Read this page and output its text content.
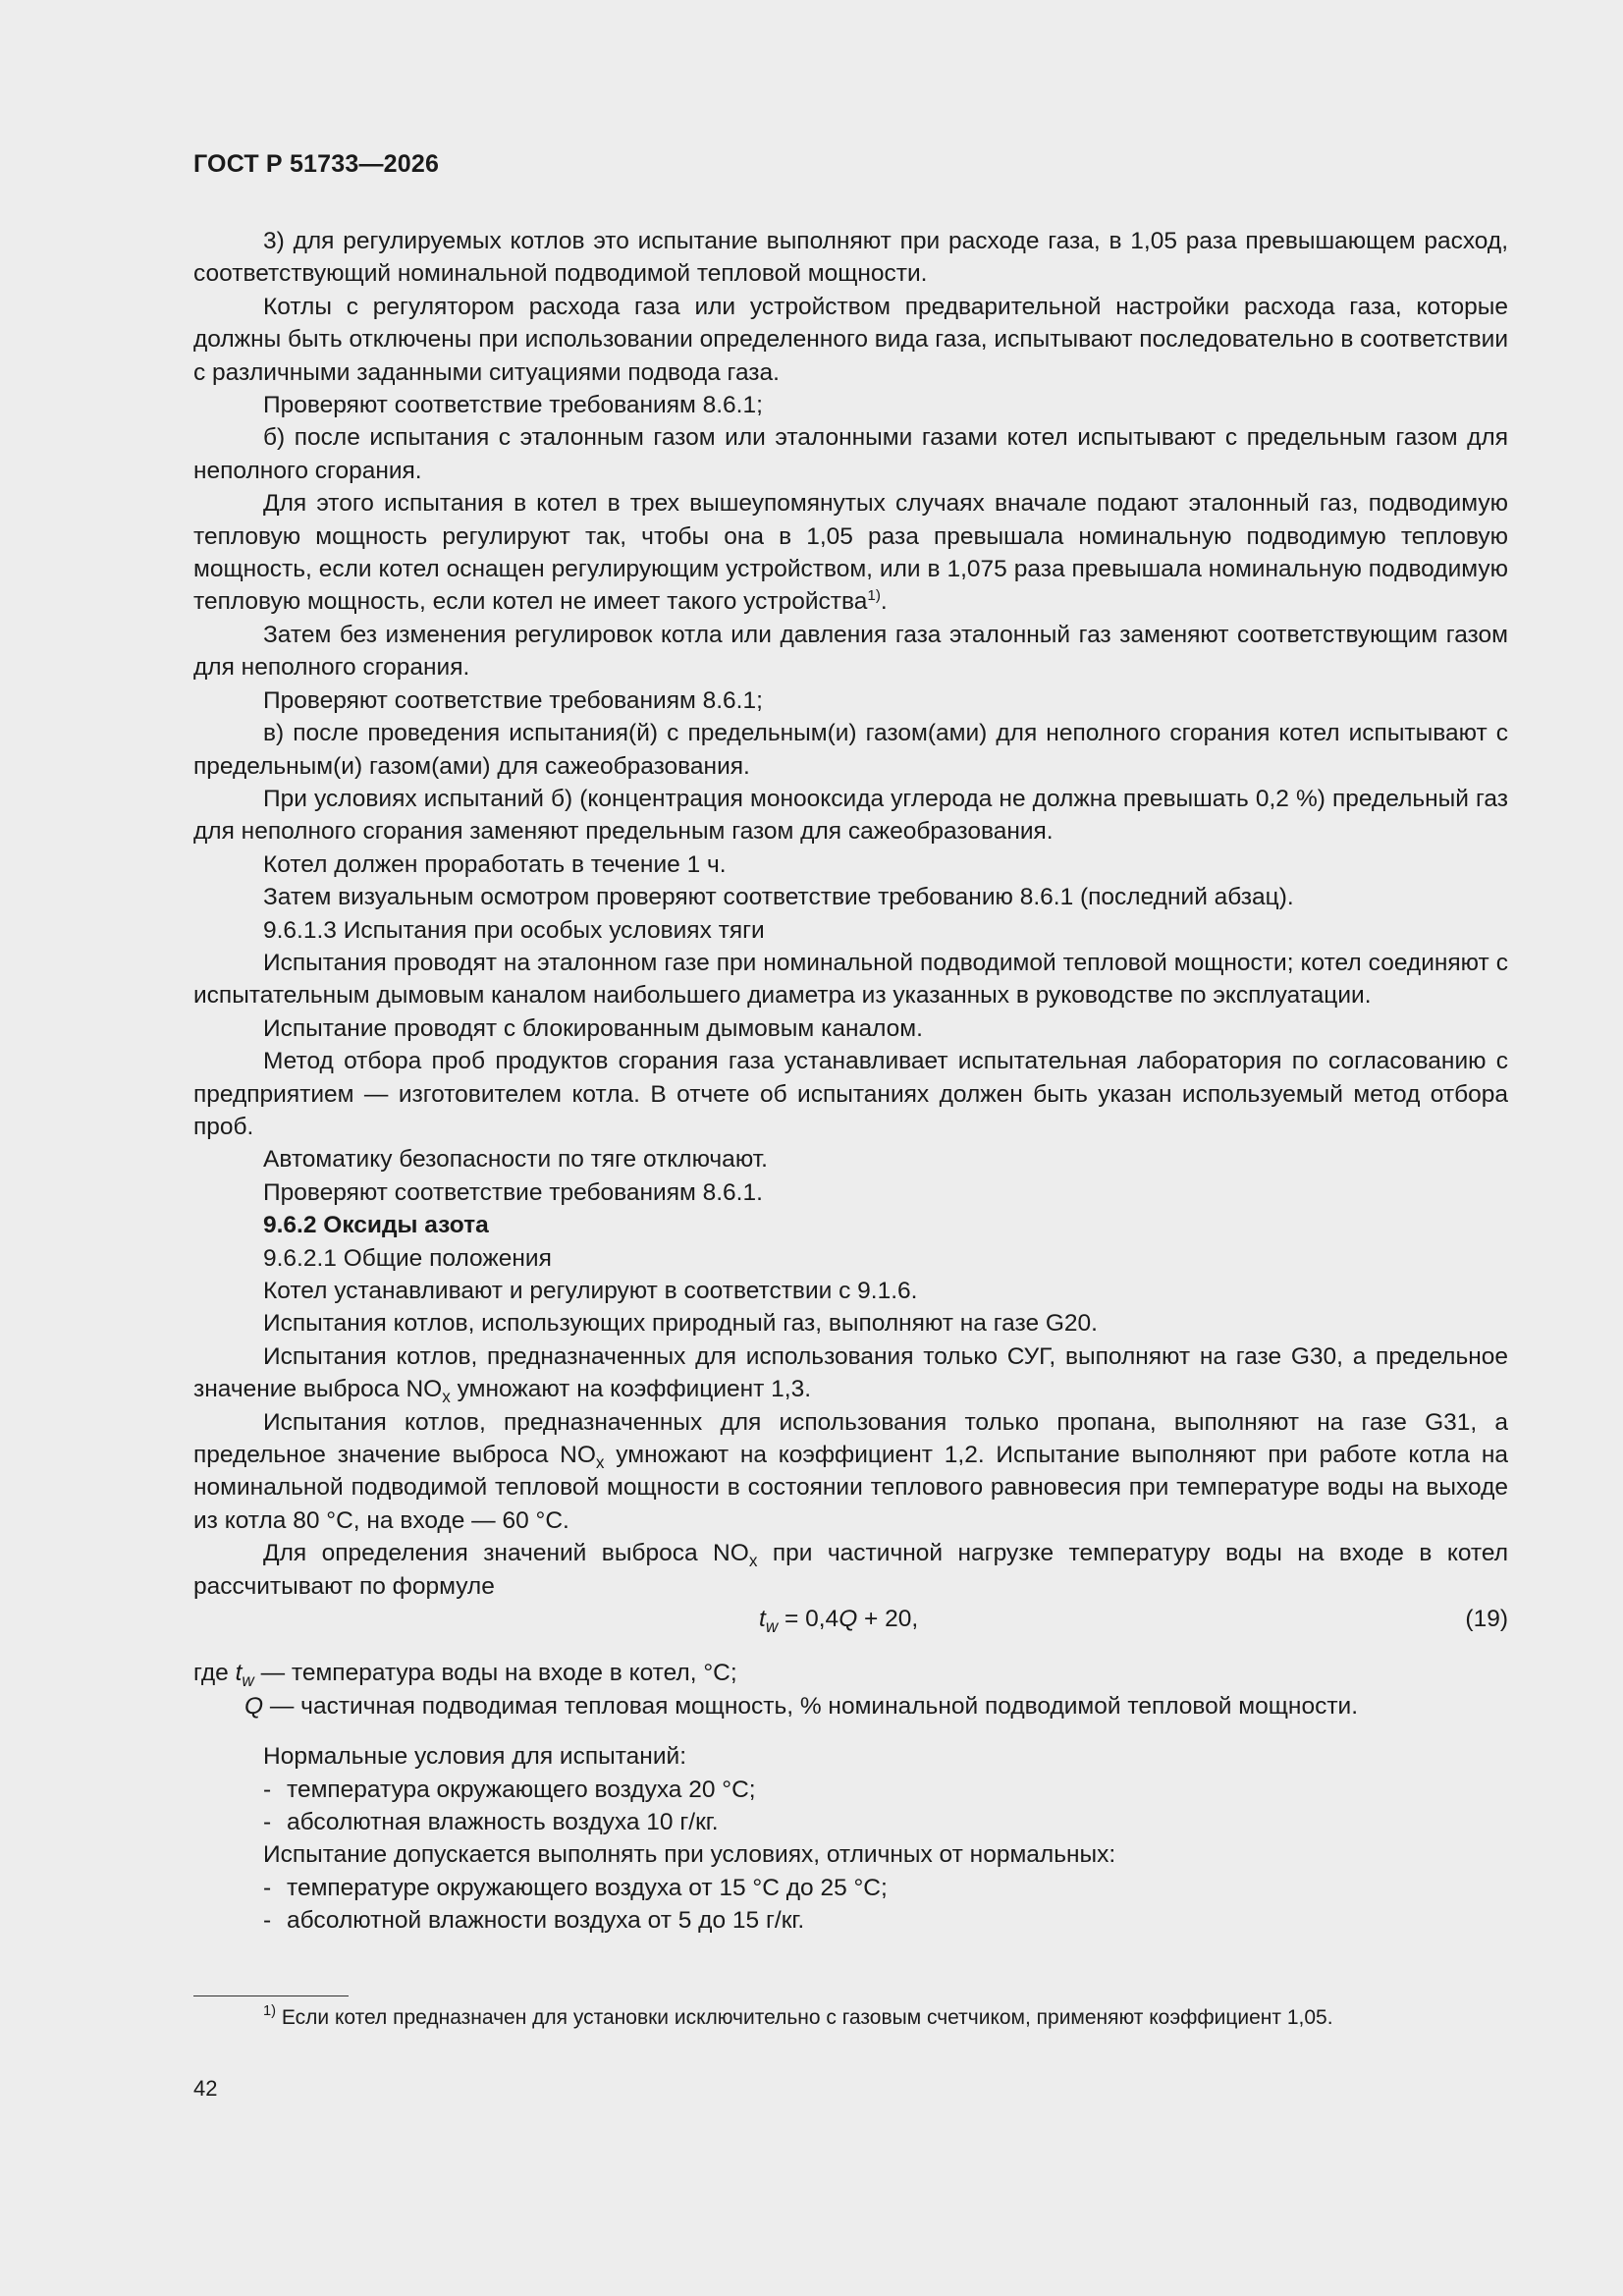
ГОСТ Р 51733—2026

3) для регулируемых котлов это испытание выполняют при расходе газа, в 1,05 раза превышающем расход, соответствующий номинальной подводимой тепловой мощности.

Котлы с регулятором расхода газа или устройством предварительной настройки расхода газа, которые должны быть отключены при использовании определенного вида газа, испытывают последовательно в соответствии с различными заданными ситуациями подвода газа.

Проверяют соответствие требованиям 8.6.1;

б) после испытания с эталонным газом или эталонными газами котел испытывают с предельным газом для неполного сгорания.

Для этого испытания в котел в трех вышеупомянутых случаях вначале подают эталонный газ, подводимую тепловую мощность регулируют так, чтобы она в 1,05 раза превышала номинальную подводимую тепловую мощность, если котел оснащен регулирующим устройством, или в 1,075 раза превышала номинальную подводимую тепловую мощность, если котел не имеет такого устройства$^{1)}$.

Затем без изменения регулировок котла или давления газа эталонный газ заменяют соответствующим газом для неполного сгорания.

Проверяют соответствие требованиям 8.6.1;

в) после проведения испытания(й) с предельным(и) газом(ами) для неполного сгорания котел испытывают с предельным(и) газом(ами) для сажеобразования.

При условиях испытаний б) (концентрация монооксида углерода не должна превышать 0,2 %) предельный газ для неполного сгорания заменяют предельным газом для сажеобразования.

Котел должен проработать в течение 1 ч.

Затем визуальным осмотром проверяют соответствие требованию 8.6.1 (последний абзац).

9.6.1.3 Испытания при особых условиях тяги

Испытания проводят на эталонном газе при номинальной подводимой тепловой мощности; котел соединяют с испытательным дымовым каналом наибольшего диаметра из указанных в руководстве по эксплуатации.

Испытание проводят с блокированным дымовым каналом.

Метод отбора проб продуктов сгорания газа устанавливает испытательная лаборатория по согласованию с предприятием — изготовителем котла. В отчете об испытаниях должен быть указан используемый метод отбора проб.

Автоматику безопасности по тяге отключают.

Проверяют соответствие требованиям 8.6.1.

9.6.2 Оксиды азота

9.6.2.1 Общие положения

Котел устанавливают и регулируют в соответствии с 9.1.6.

Испытания котлов, использующих природный газ, выполняют на газе G20.

Испытания котлов, предназначенных для использования только СУГ, выполняют на газе G30, а предельное значение выброса $NO_x$ умножают на коэффициент 1,3.

Испытания котлов, предназначенных для использования только пропана, выполняют на газе G31, а предельное значение выброса $NO_x$ умножают на коэффициент 1,2. Испытание выполняют при работе котла на номинальной подводимой тепловой мощности в состоянии теплового равновесия при температуре воды на выходе из котла 80 °C, на входе — 60 °C.

Для определения значений выброса $NO_x$ при частичной нагрузке температуру воды на входе в котел рассчитывают по формуле

$t_w = 0,4Q + 20$,	(19)

где $t_w$ — температура воды на входе в котел, °C;

Q — частичная подводимая тепловая мощность, % номинальной подводимой тепловой мощности.

Нормальные условия для испытаний:

- температура окружающего воздуха 20 °C;

- абсолютная влажность воздуха 10 г/кг.

Испытание допускается выполнять при условиях, отличных от нормальных:

- температуре окружающего воздуха от 15 °C до 25 °C;

- абсолютной влажности воздуха от 5 до 15 г/кг.

$^{1)}$ Если котел предназначен для установки исключительно с газовым счетчиком, применяют коэффициент 1,05.

42
